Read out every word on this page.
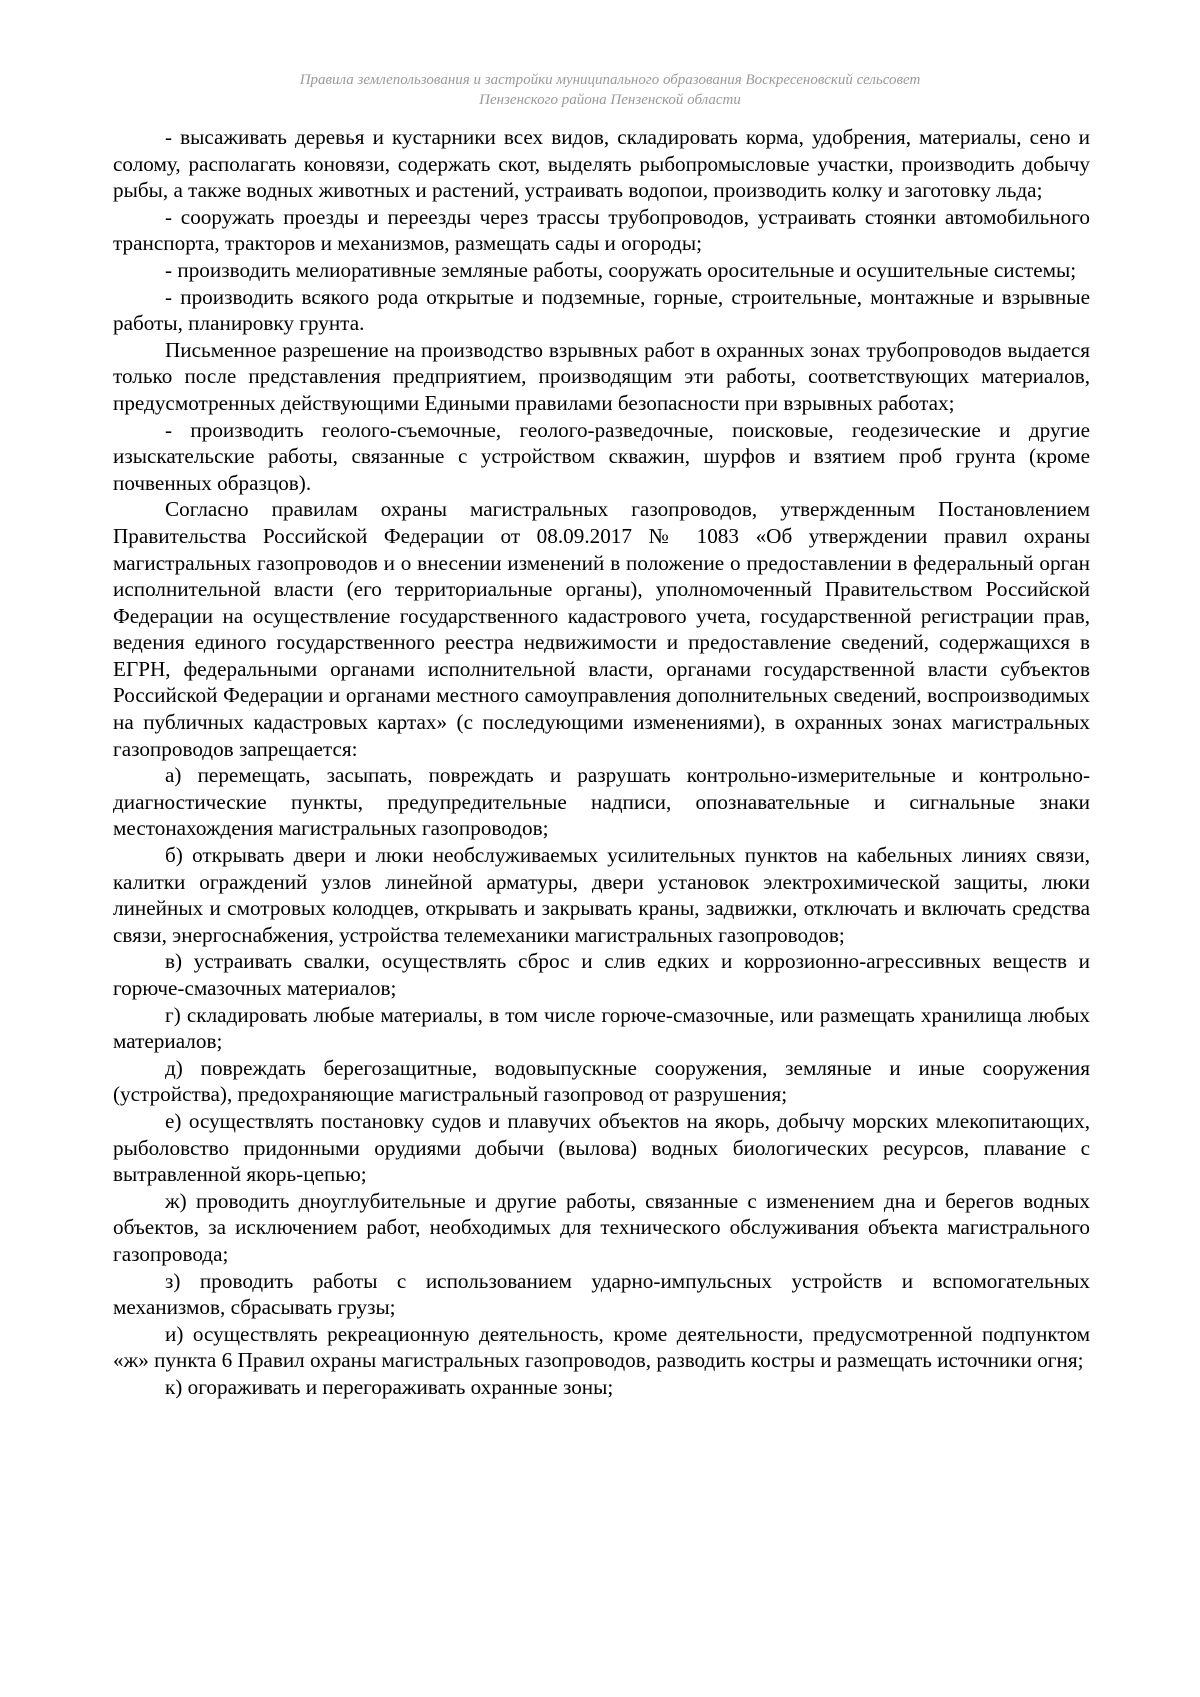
Правила землепользования и застройки муниципального образования Воскресеновский сельсовет
Пензенского района Пензенской области

- высаживать деревья и кустарники всех видов, складировать корма, удобрения, материалы, сено и солому, располагать коновязи, содержать скот, выделять рыбопромысловые участки, производить добычу рыбы, а также водных животных и растений, устраивать водопои, производить колку и заготовку льда;

- сооружать проезды и переезды через трассы трубопроводов, устраивать стоянки автомобильного транспорта, тракторов и механизмов, размещать сады и огороды;

- производить мелиоративные земляные работы, сооружать оросительные и осушительные системы;

- производить всякого рода открытые и подземные, горные, строительные, монтажные и взрывные работы, планировку грунта.

Письменное разрешение на производство взрывных работ в охранных зонах трубопроводов выдается только после представления предприятием, производящим эти работы, соответствующих материалов, предусмотренных действующими Едиными правилами безопасности при взрывных работах;

- производить геолого-съемочные, геолого-разведочные, поисковые, геодезические и другие изыскательские работы, связанные с устройством скважин, шурфов и взятием проб грунта (кроме почвенных образцов).

Согласно правилам охраны магистральных газопроводов, утвержденным Постановлением Правительства Российской Федерации от 08.09.2017 № 1083 «Об утверждении правил охраны магистральных газопроводов и о внесении изменений в положение о предоставлении в федеральный орган исполнительной власти (его территориальные органы), уполномоченный Правительством Российской Федерации на осуществление государственного кадастрового учета, государственной регистрации прав, ведения единого государственного реестра недвижимости и предоставление сведений, содержащихся в ЕГРН, федеральными органами исполнительной власти, органами государственной власти субъектов Российской Федерации и органами местного самоуправления дополнительных сведений, воспроизводимых на публичных кадастровых картах» (с последующими изменениями), в охранных зонах магистральных газопроводов запрещается:

а) перемещать, засыпать, повреждать и разрушать контрольно-измерительные и контрольно-диагностические пункты, предупредительные надписи, опознавательные и сигнальные знаки местонахождения магистральных газопроводов;

б) открывать двери и люки необслуживаемых усилительных пунктов на кабельных линиях связи, калитки ограждений узлов линейной арматуры, двери установок электрохимической защиты, люки линейных и смотровых колодцев, открывать и закрывать краны, задвижки, отключать и включать средства связи, энергоснабжения, устройства телемеханики магистральных газопроводов;

в) устраивать свалки, осуществлять сброс и слив едких и коррозионно-агрессивных веществ и горюче-смазочных материалов;

г) складировать любые материалы, в том числе горюче-смазочные, или размещать хранилища любых материалов;

д) повреждать берегозащитные, водовыпускные сооружения, земляные и иные сооружения (устройства), предохраняющие магистральный газопровод от разрушения;

е) осуществлять постановку судов и плавучих объектов на якорь, добычу морских млекопитающих, рыболовство придонными орудиями добычи (вылова) водных биологических ресурсов, плавание с вытравленной якорь-цепью;

ж) проводить дноуглубительные и другие работы, связанные с изменением дна и берегов водных объектов, за исключением работ, необходимых для технического обслуживания объекта магистрального газопровода;

з) проводить работы с использованием ударно-импульсных устройств и вспомогательных механизмов, сбрасывать грузы;

и) осуществлять рекреационную деятельность, кроме деятельности, предусмотренной подпунктом «ж» пункта 6 Правил охраны магистральных газопроводов, разводить костры и размещать источники огня;

к) огораживать и перегораживать охранные зоны;
